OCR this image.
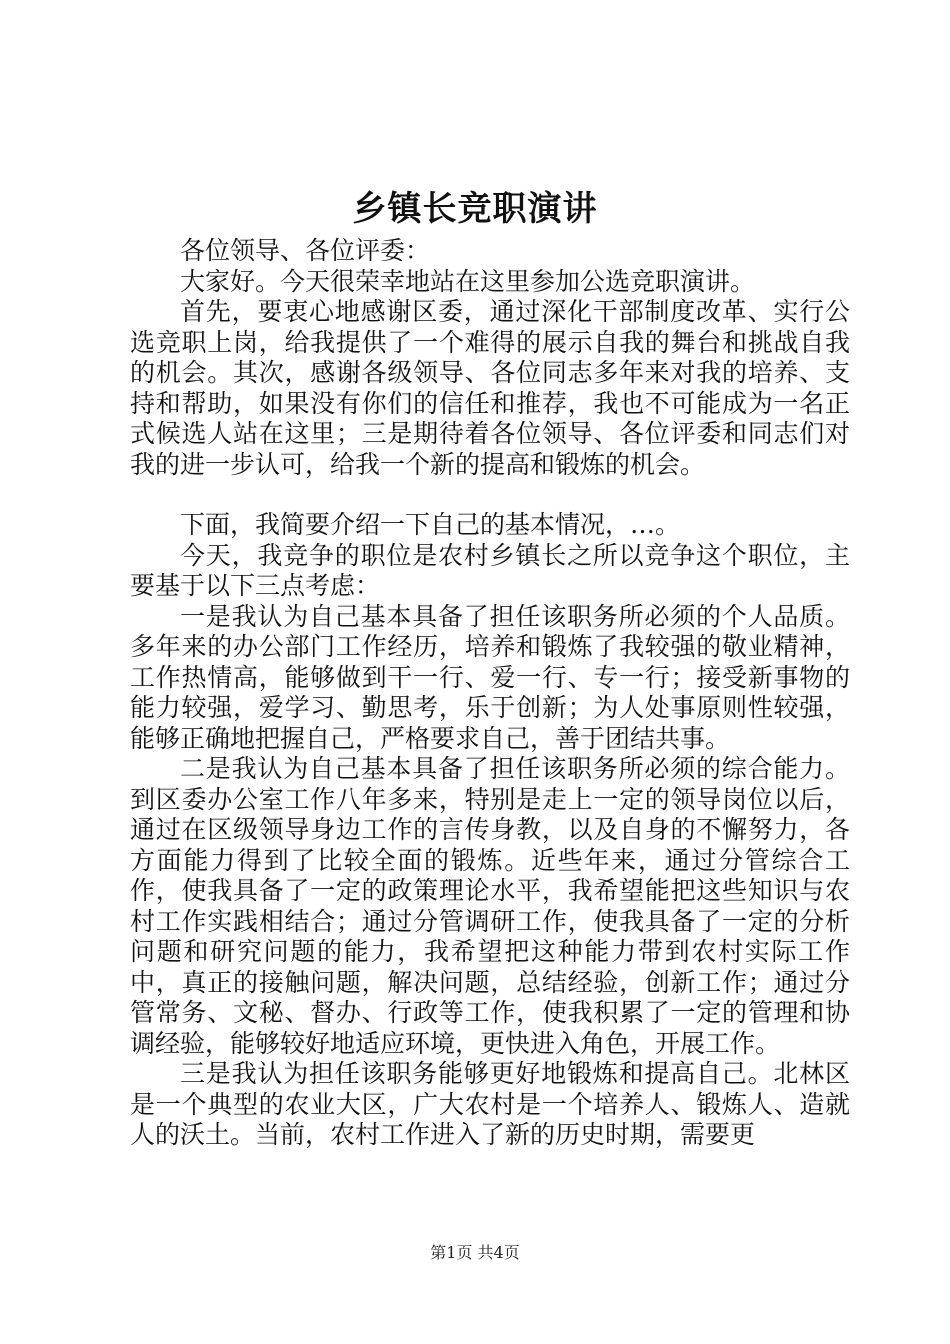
乡镇长竞职演讲

各位领导、各位评委：

大家好。今天很荣幸地站在这里参加公选竞职演讲。

首先，要衷心地感谢区委，通过深化干部制度改革、实行公选竞职上岗，给我提供了一个难得的展示自我的舞台和挑战自我的机会。其次，感谢各级领导、各位同志多年来对我的培养、支持和帮助，如果没有你们的信任和推荐，我也不可能成为一名正式候选人站在这里；三是期待着各位领导、各位评委和同志们对我的进一步认可，给我一个新的提高和锻炼的机会。

下面，我简要介绍一下自己的基本情况，…。

今天，我竞争的职位是农村乡镇长之所以竞争这个职位，主要基于以下三点考虑：

一是我认为自己基本具备了担任该职务所必须的个人品质。多年来的办公部门工作经历，培养和锻炼了我较强的敬业精神，工作热情高，能够做到干一行、爱一行、专一行；接受新事物的能力较强，爱学习、勤思考，乐于创新；为人处事原则性较强，能够正确地把握自己，严格要求自己，善于团结共事。

二是我认为自己基本具备了担任该职务所必须的综合能力。到区委办公室工作八年多来，特别是走上一定的领导岗位以后，通过在区级领导身边工作的言传身教，以及自身的不懈努力，各方面能力得到了比较全面的锻炼。近些年来，通过分管综合工作，使我具备了一定的政策理论水平，我希望能把这些知识与农村工作实践相结合；通过分管调研工作，使我具备了一定的分析问题和研究问题的能力，我希望把这种能力带到农村实际工作中，真正的接触问题，解决问题，总结经验，创新工作；通过分管常务、文秘、督办、行政等工作，使我积累了一定的管理和协调经验，能够较好地适应环境，更快进入角色，开展工作。

三是我认为担任该职务能够更好地锻炼和提高自己。北林区是一个典型的农业大区，广大农村是一个培养人、锻炼人、造就人的沃土。当前，农村工作进入了新的历史时期，需要更

第1页 共4页
